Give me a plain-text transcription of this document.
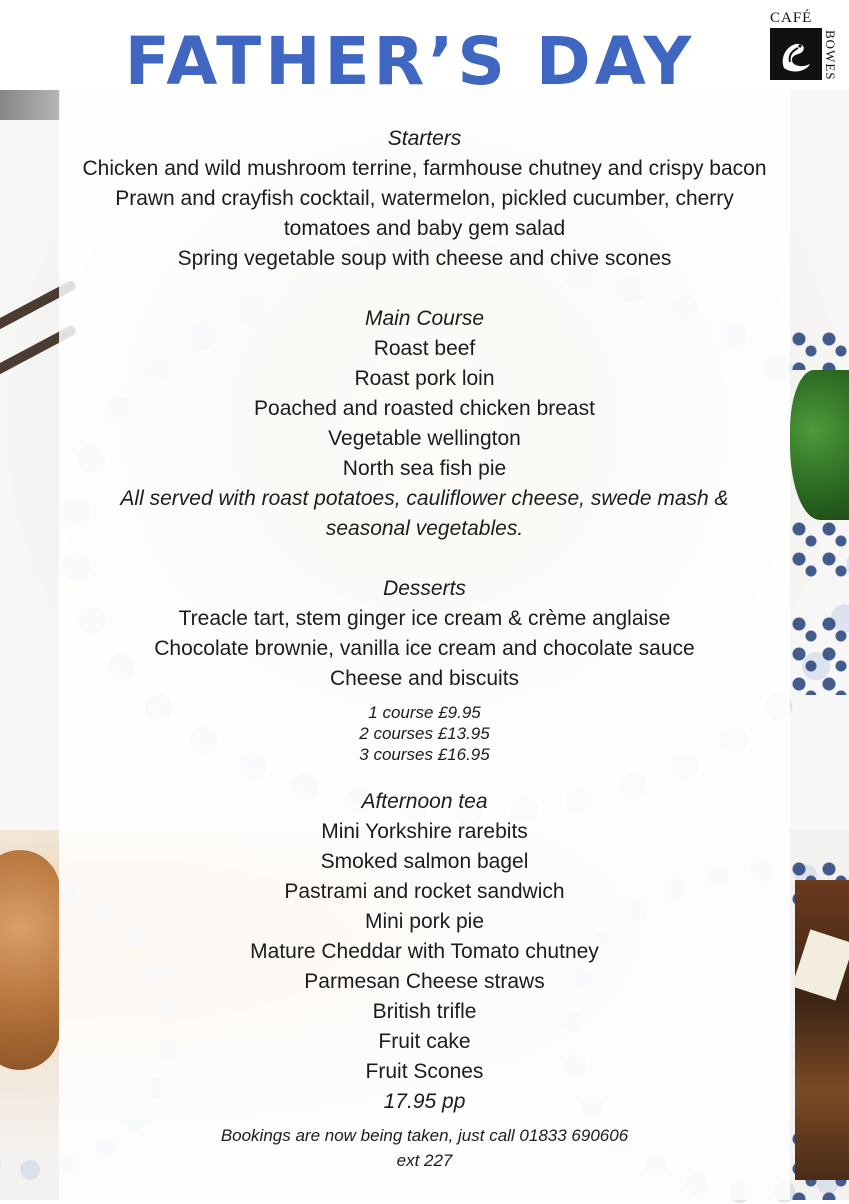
FATHER’S DAY
CAFÉ
BOWES

Starters

Chicken and wild mushroom terrine, farmhouse chutney and crispy bacon

Prawn and crayfish cocktail, watermelon, pickled cucumber, cherry tomatoes and baby gem salad

Spring vegetable soup with cheese and chive scones

Main Course

Roast beef

Roast pork loin

Poached and roasted chicken breast

Vegetable wellington

North sea fish pie

All served with roast potatoes, cauliflower cheese, swede mash & seasonal vegetables.

Desserts

Treacle tart, stem ginger ice cream & crème anglaise

Chocolate brownie, vanilla ice cream and chocolate sauce

Cheese and biscuits

1 course £9.95

2 courses £13.95

3 courses £16.95

Afternoon tea

Mini Yorkshire rarebits

Smoked salmon bagel

Pastrami and rocket sandwich

Mini pork pie

Mature Cheddar with Tomato chutney

Parmesan Cheese straws

British trifle

Fruit cake

Fruit Scones

17.95 pp

Bookings are now being taken, just call 01833 690606

ext 227
